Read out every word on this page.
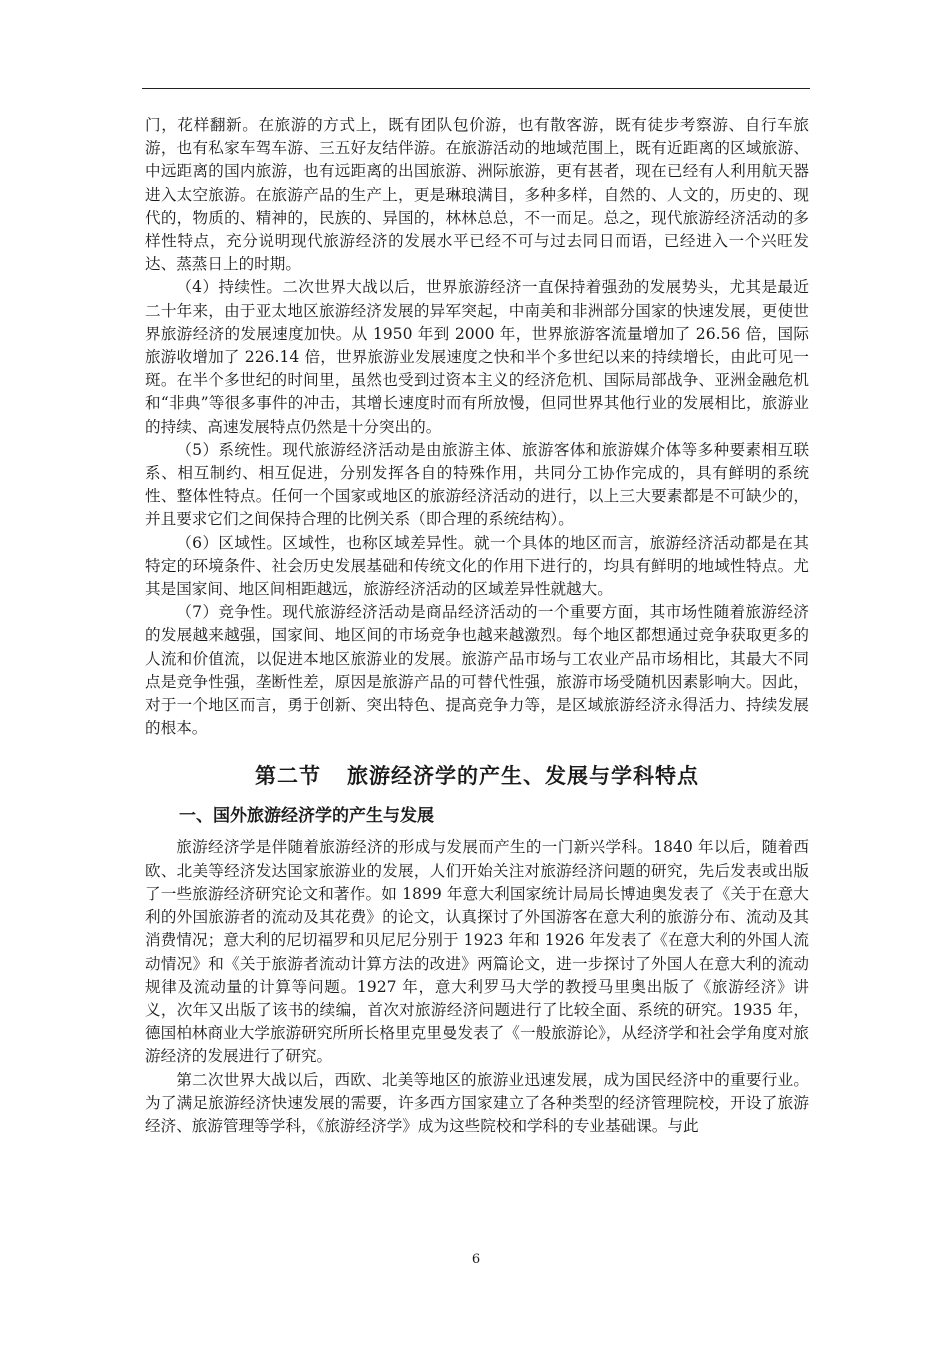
门，花样翻新。在旅游的方式上，既有团队包价游，也有散客游，既有徒步考察游、自行车旅游，也有私家车驾车游、三五好友结伴游。在旅游活动的地域范围上，既有近距离的区域旅游、中远距离的国内旅游，也有远距离的出国旅游、洲际旅游，更有甚者，现在已经有人利用航天器进入太空旅游。在旅游产品的生产上，更是琳琅满目，多种多样，自然的、人文的，历史的、现代的，物质的、精神的，民族的、异国的，林林总总，不一而足。总之，现代旅游经济活动的多样性特点，充分说明现代旅游经济的发展水平已经不可与过去同日而语，已经进入一个兴旺发达、蒸蒸日上的时期。

（4）持续性。二次世界大战以后，世界旅游经济一直保持着强劲的发展势头，尤其是最近二十年来，由于亚太地区旅游经济发展的异军突起，中南美和非洲部分国家的快速发展，更使世界旅游经济的发展速度加快。从 1950 年到 2000 年，世界旅游客流量增加了 26.56 倍，国际旅游收增加了 226.14 倍，世界旅游业发展速度之快和半个多世纪以来的持续增长，由此可见一斑。在半个多世纪的时间里，虽然也受到过资本主义的经济危机、国际局部战争、亚洲金融危机和“非典”等很多事件的冲击，其增长速度时而有所放慢，但同世界其他行业的发展相比，旅游业的持续、高速发展特点仍然是十分突出的。

（5）系统性。现代旅游经济活动是由旅游主体、旅游客体和旅游媒介体等多种要素相互联系、相互制约、相互促进，分别发挥各自的特殊作用，共同分工协作完成的，具有鲜明的系统性、整体性特点。任何一个国家或地区的旅游经济活动的进行，以上三大要素都是不可缺少的，并且要求它们之间保持合理的比例关系（即合理的系统结构）。

（6）区域性。区域性，也称区域差异性。就一个具体的地区而言，旅游经济活动都是在其特定的环境条件、社会历史发展基础和传统文化的作用下进行的，均具有鲜明的地域性特点。尤其是国家间、地区间相距越远，旅游经济活动的区域差异性就越大。

（7）竞争性。现代旅游经济活动是商品经济活动的一个重要方面，其市场性随着旅游经济的发展越来越强，国家间、地区间的市场竞争也越来越激烈。每个地区都想通过竞争获取更多的人流和价值流，以促进本地区旅游业的发展。旅游产品市场与工农业产品市场相比，其最大不同点是竞争性强，垄断性差，原因是旅游产品的可替代性强，旅游市场受随机因素影响大。因此，对于一个地区而言，勇于创新、突出特色、提高竞争力等，是区域旅游经济永得活力、持续发展的根本。

第二节 旅游经济学的产生、发展与学科特点
一、国外旅游经济学的产生与发展

旅游经济学是伴随着旅游经济的形成与发展而产生的一门新兴学科。1840 年以后，随着西欧、北美等经济发达国家旅游业的发展，人们开始关注对旅游经济问题的研究，先后发表或出版了一些旅游经济研究论文和著作。如 1899 年意大利国家统计局局长博迪奥发表了《关于在意大利的外国旅游者的流动及其花费》的论文，认真探讨了外国游客在意大利的旅游分布、流动及其消费情况；意大利的尼切福罗和贝尼尼分别于 1923 年和 1926 年发表了《在意大利的外国人流动情况》和《关于旅游者流动计算方法的改进》两篇论文，进一步探讨了外国人在意大利的流动规律及流动量的计算等问题。1927 年，意大利罗马大学的教授马里奥出版了《旅游经济》讲义，次年又出版了该书的续编，首次对旅游经济问题进行了比较全面、系统的研究。1935 年，德国柏林商业大学旅游研究所所长格里克里曼发表了《一般旅游论》，从经济学和社会学角度对旅游经济的发展进行了研究。

第二次世界大战以后，西欧、北美等地区的旅游业迅速发展，成为国民经济中的重要行业。为了满足旅游经济快速发展的需要，许多西方国家建立了各种类型的经济管理院校，开设了旅游经济、旅游管理等学科，《旅游经济学》成为这些院校和学科的专业基础课。与此

6
